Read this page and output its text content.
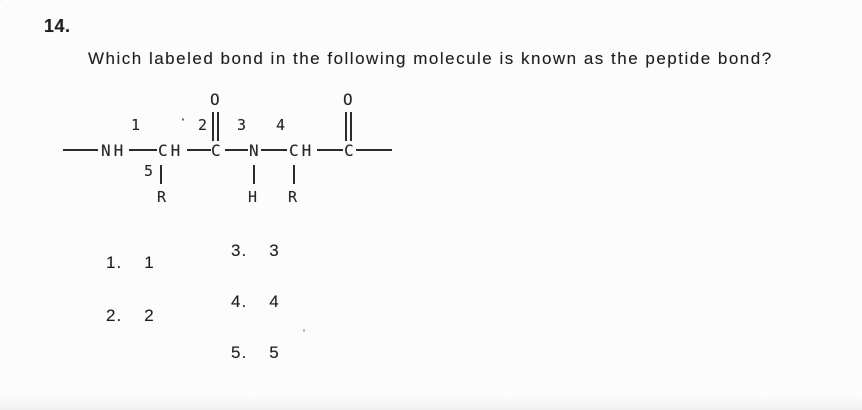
14.
Which labeled bond in the following molecule is known as the peptide bond?
O	O
1	· 2 3 4
5
NH CH C N CH C
R	H R
1. 1
2. 2
3. 3
4. 4
5. 5
